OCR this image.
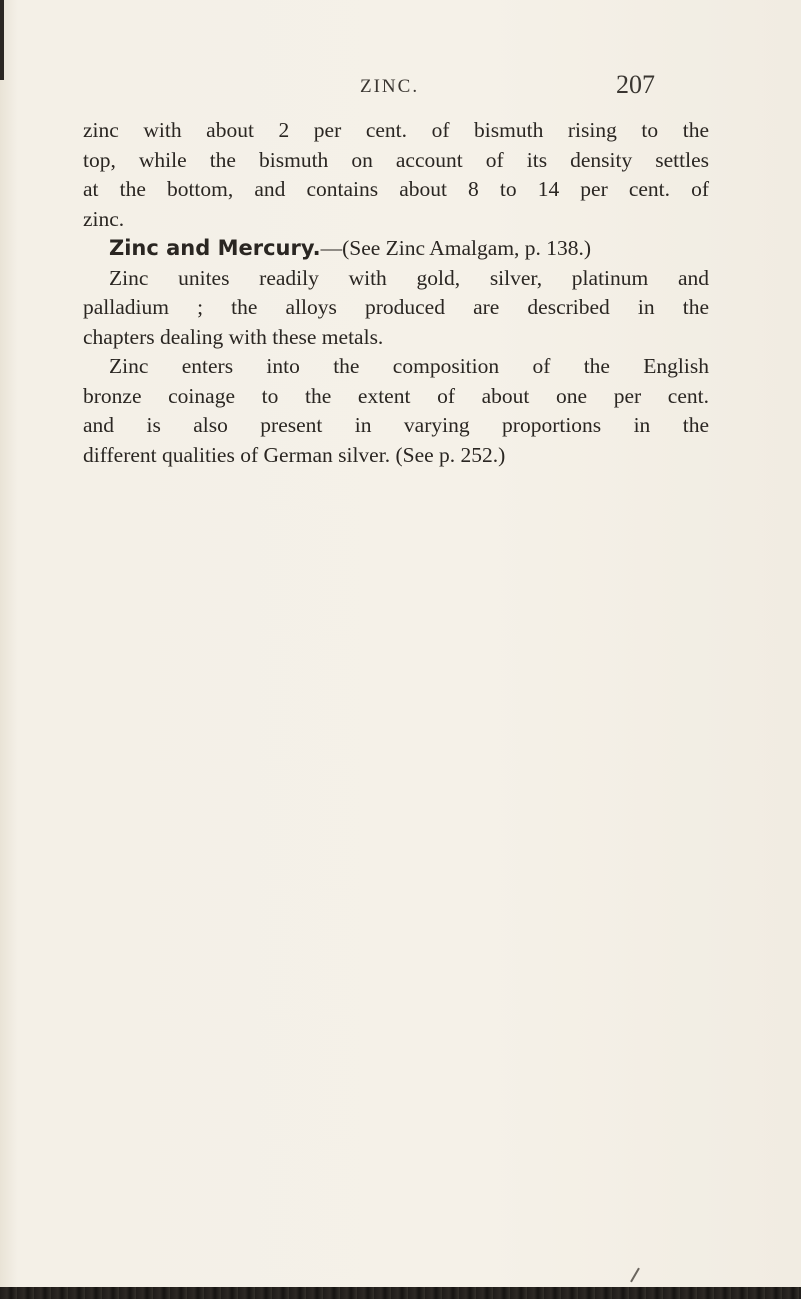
ZINC.	207
zinc with about 2 per cent. of bismuth rising to the
top, while the bismuth on account of its density settles
at the bottom, and contains about 8 to 14 per cent. of
zinc.
Zinc and Mercury.—(See Zinc Amalgam, p. 138.)
Zinc unites readily with gold, silver, platinum and
palladium ; the alloys produced are described in the
chapters dealing with these metals.
Zinc enters into the composition of the English
bronze coinage to the extent of about one per cent.
and is also present in varying proportions in the
different qualities of German silver. (See p. 252.)
